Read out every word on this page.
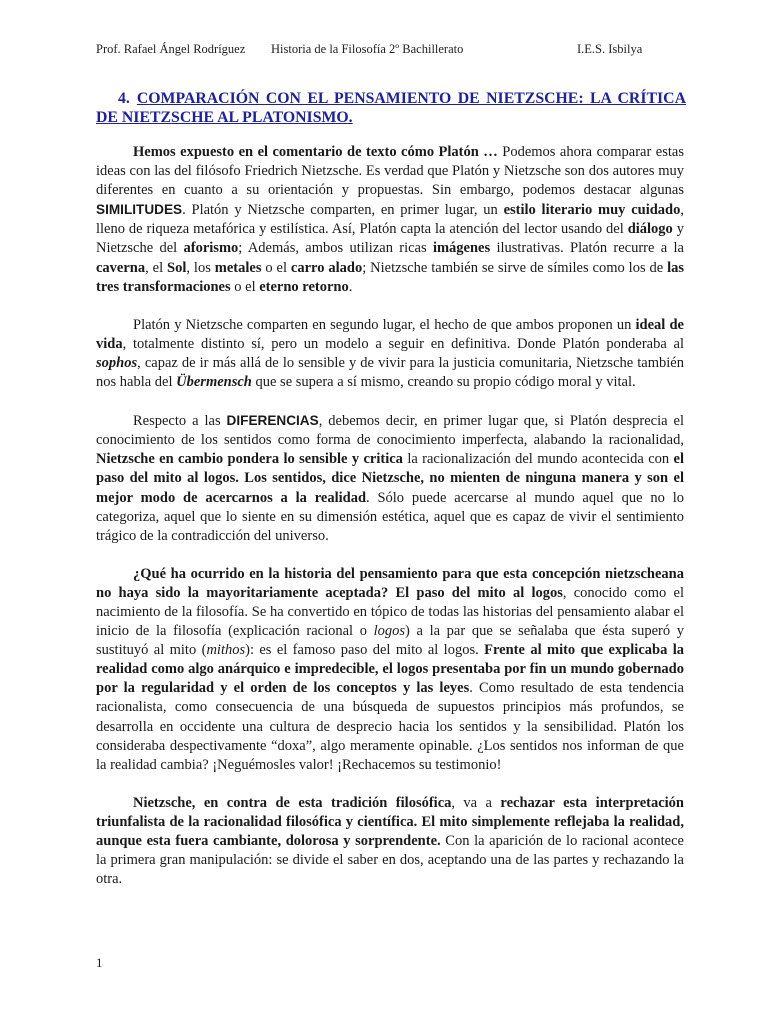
Prof. Rafael Ángel Rodríguez Historia de la Filosofía 2º Bachillerato	I.E.S. Isbilya
4. COMPARACIÓN CON EL PENSAMIENTO DE NIETZSCHE: LA CRÍTICA DE NIETZSCHE AL PLATONISMO.

Hemos expuesto en el comentario de texto cómo Platón … Podemos ahora comparar estas ideas con las del filósofo Friedrich Nietzsche. Es verdad que Platón y Nietzsche son dos autores muy diferentes en cuanto a su orientación y propuestas. Sin embargo, podemos destacar algunas SIMILITUDES. Platón y Nietzsche comparten, en primer lugar, un estilo literario muy cuidado, lleno de riqueza metafórica y estilística. Así, Platón capta la atención del lector usando del diálogo y Nietzsche del aforismo; Además, ambos utilizan ricas imágenes ilustrativas. Platón recurre a la caverna, el Sol, los metales o el carro alado; Nietzsche también se sirve de símiles como los de las tres transformaciones o el eterno retorno.

Platón y Nietzsche comparten en segundo lugar, el hecho de que ambos proponen un ideal de vida, totalmente distinto sí, pero un modelo a seguir en definitiva. Donde Platón ponderaba al sophos, capaz de ir más allá de lo sensible y de vivir para la justicia comunitaria, Nietzsche también nos habla del Übermensch que se supera a sí mismo, creando su propio código moral y vital.

Respecto a las DIFERENCIAS, debemos decir, en primer lugar que, si Platón desprecia el conocimiento de los sentidos como forma de conocimiento imperfecta, alabando la racionalidad, Nietzsche en cambio pondera lo sensible y critica la racionalización del mundo acontecida con el paso del mito al logos. Los sentidos, dice Nietzsche, no mienten de ninguna manera y son el mejor modo de acercarnos a la realidad. Sólo puede acercarse al mundo aquel que no lo categoriza, aquel que lo siente en su dimensión estética, aquel que es capaz de vivir el sentimiento trágico de la contradicción del universo.

¿Qué ha ocurrido en la historia del pensamiento para que esta concepción nietzscheana no haya sido la mayoritariamente aceptada? El paso del mito al logos, conocido como el nacimiento de la filosofía. Se ha convertido en tópico de todas las historias del pensamiento alabar el inicio de la filosofía (explicación racional o logos) a la par que se señalaba que ésta superó y sustituyó al mito (mithos): es el famoso paso del mito al logos. Frente al mito que explicaba la realidad como algo anárquico e impredecible, el logos presentaba por fin un mundo gobernado por la regularidad y el orden de los conceptos y las leyes. Como resultado de esta tendencia racionalista, como consecuencia de una búsqueda de supuestos principios más profundos, se desarrolla en occidente una cultura de desprecio hacia los sentidos y la sensibilidad. Platón los consideraba despectivamente “doxa”, algo meramente opinable. ¿Los sentidos nos informan de que la realidad cambia? ¡Neguémosles valor! ¡Rechacemos su testimonio!

Nietzsche, en contra de esta tradición filosófica, va a rechazar esta interpretación triunfalista de la racionalidad filosófica y científica. El mito simplemente reflejaba la realidad, aunque esta fuera cambiante, dolorosa y sorprendente. Con la aparición de lo racional acontece la primera gran manipulación: se divide el saber en dos, aceptando una de las partes y rechazando la otra.

1
